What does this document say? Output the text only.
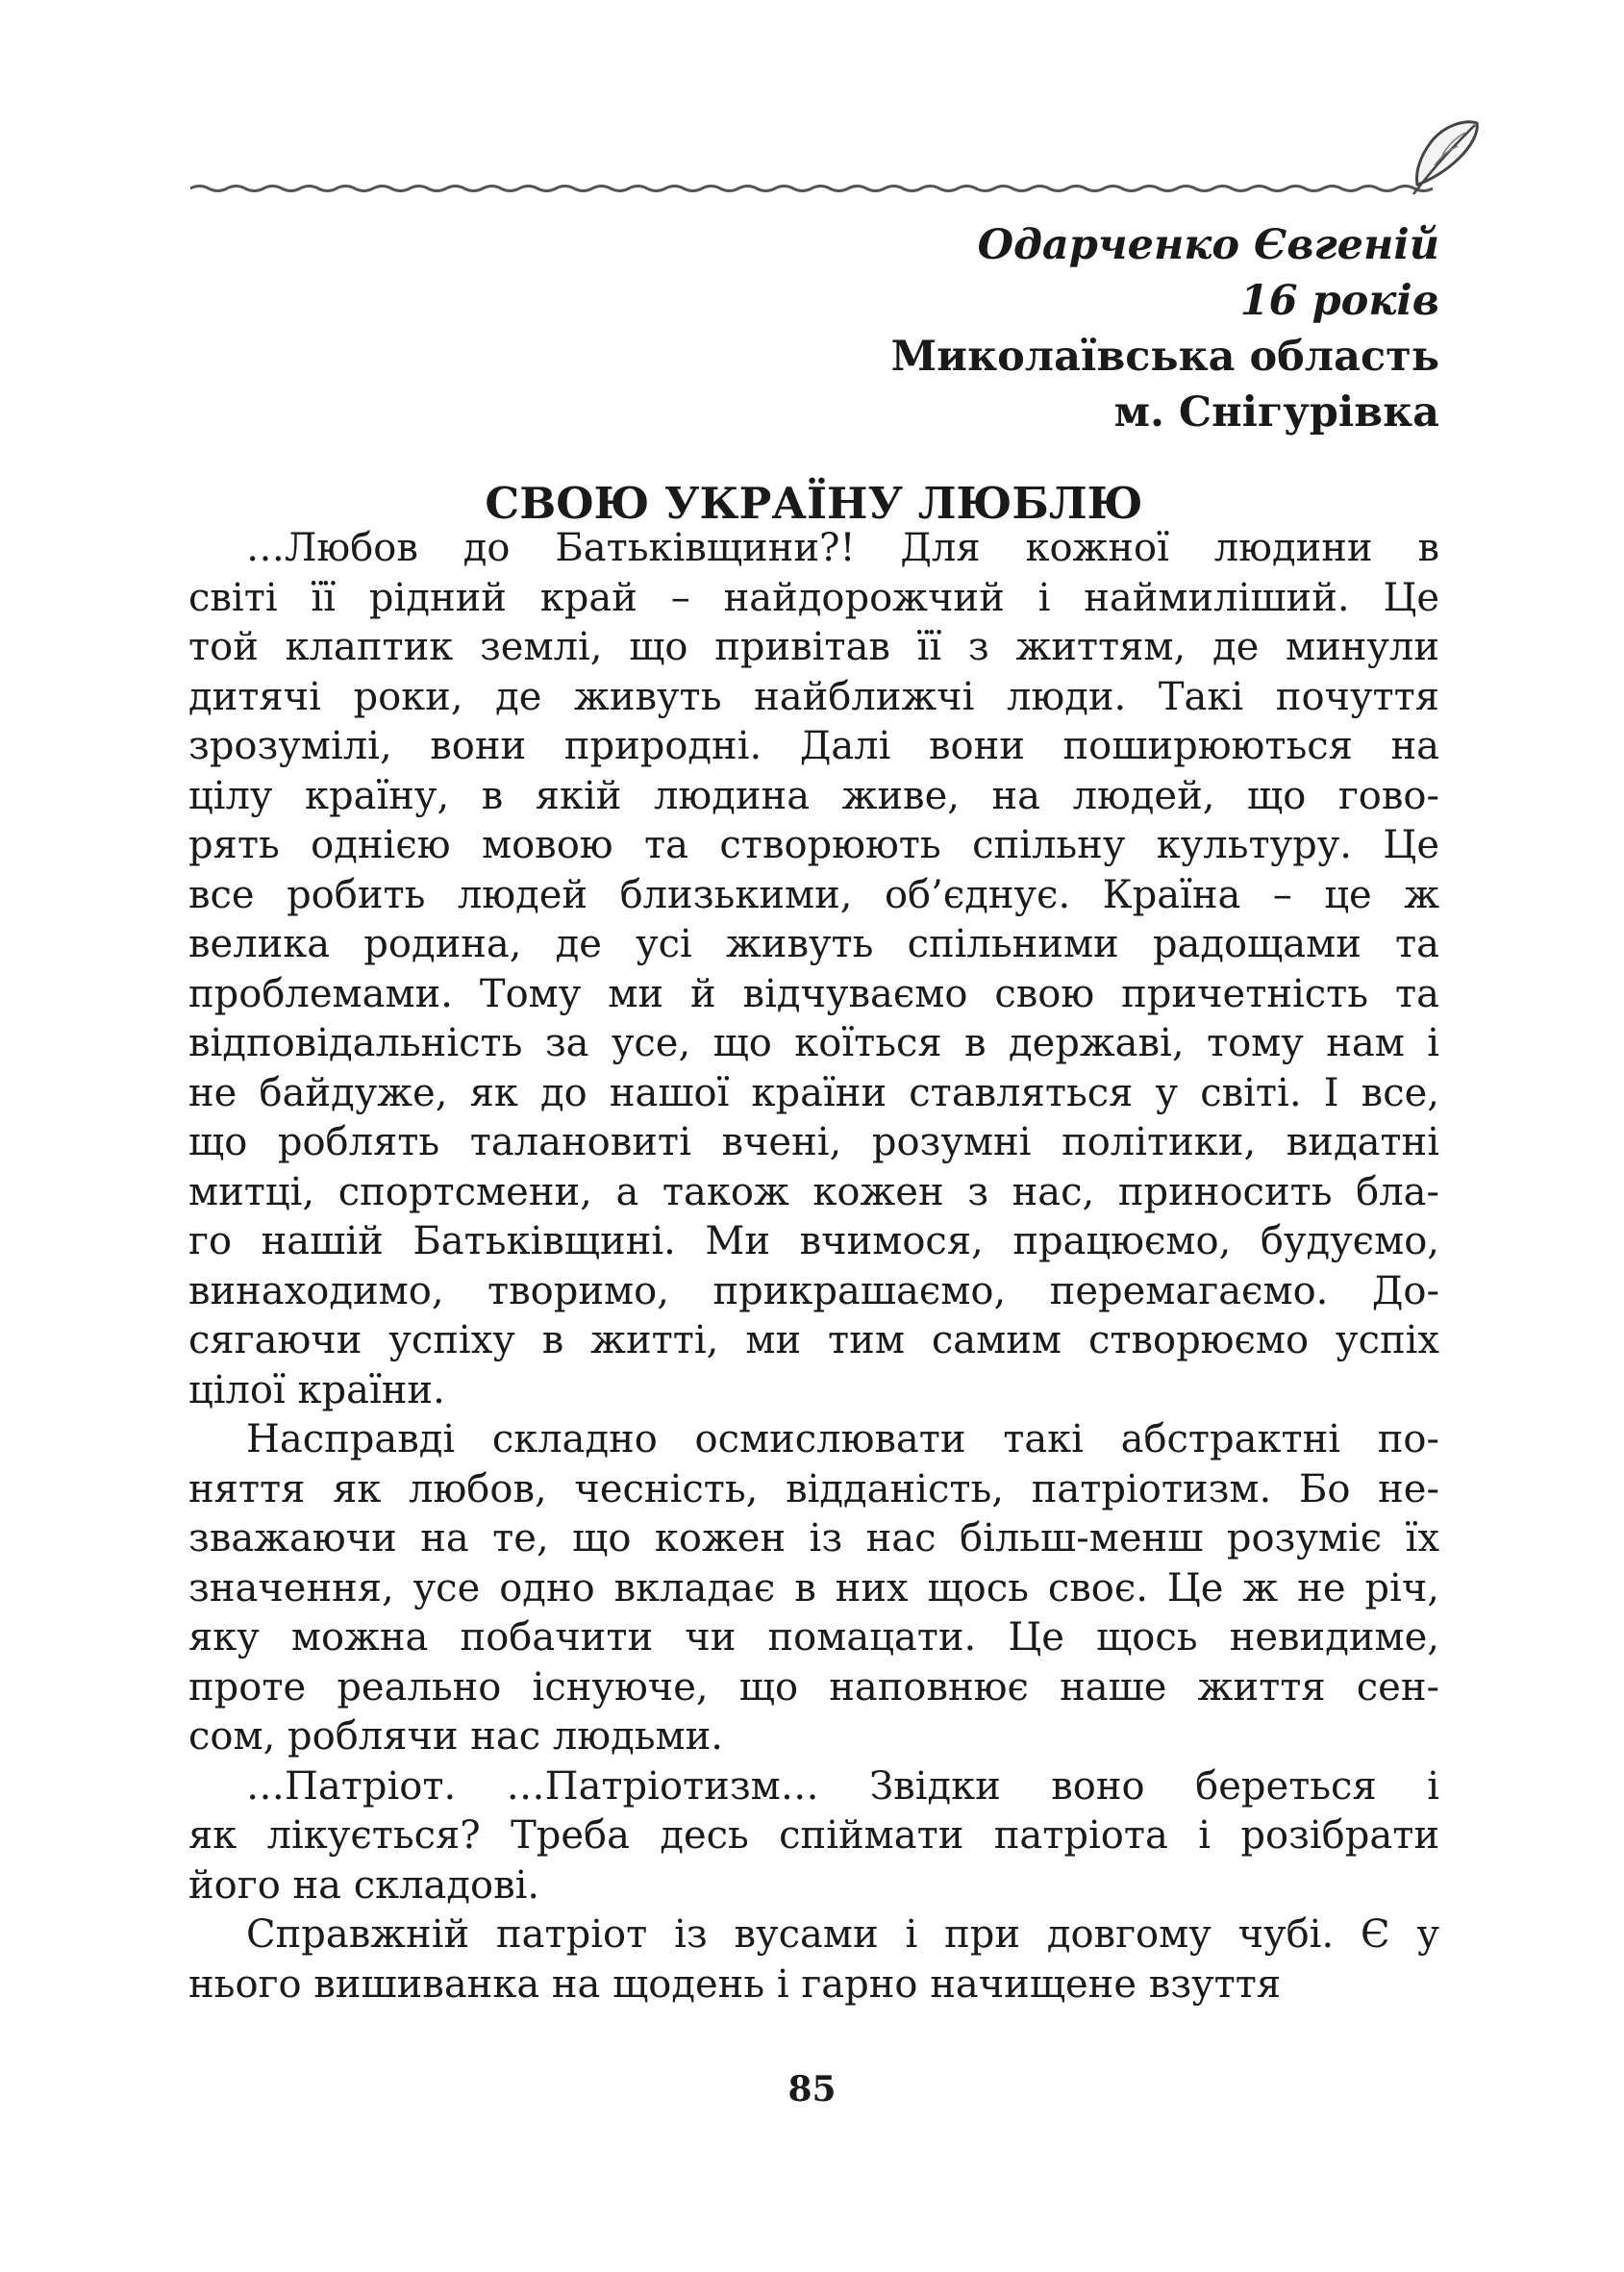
Одарченко Євгеній
16 років
Миколаївська область
м. Снігурівка
СВОЮ УКРАЇНУ ЛЮБЛЮ
…Любов до Батьківщини?! Для кожної людини в
світі її рідний край – найдорожчий і наймиліший. Це
той клаптик землі, що привітав її з життям, де минули
дитячі роки, де живуть найближчі люди. Такі почуття
зрозумілі, вони природні. Далі вони поширюються на
цілу країну, в якій людина живе, на людей, що гово-
рять однією мовою та створюють спільну культуру. Це
все робить людей близькими, об’єднує. Країна – це ж
велика родина, де усі живуть спільними радощами та
проблемами. Тому ми й відчуваємо свою причетність та
відповідальність за усе, що коїться в державі, тому нам і
не байдуже, як до нашої країни ставляться у світі. І все,
що роблять талановиті вчені, розумні політики, видатні
митці, спортсмени, а також кожен з нас, приносить бла-
го нашій Батьківщині. Ми вчимося, працюємо, будуємо,
винаходимо, творимо, прикрашаємо, перемагаємо. До-
сягаючи успіху в житті, ми тим самим створюємо успіх
цілої країни.
Насправді складно осмислювати такі абстрактні по-
няття як любов, чесність, відданість, патріотизм. Бо не-
зважаючи на те, що кожен із нас більш-менш розуміє їх
значення, усе одно вкладає в них щось своє. Це ж не річ,
яку можна побачити чи помацати. Це щось невидиме,
проте реально існуюче, що наповнює наше життя сен-
сом, роблячи нас людьми.
…Патріот. …Патріотизм… Звідки воно береться і
як лікується? Треба десь спіймати патріота і розібрати
його на складові.
Справжній патріот із вусами і при довгому чубі. Є у
нього вишиванка на щодень і гарно начищене взуття
85
